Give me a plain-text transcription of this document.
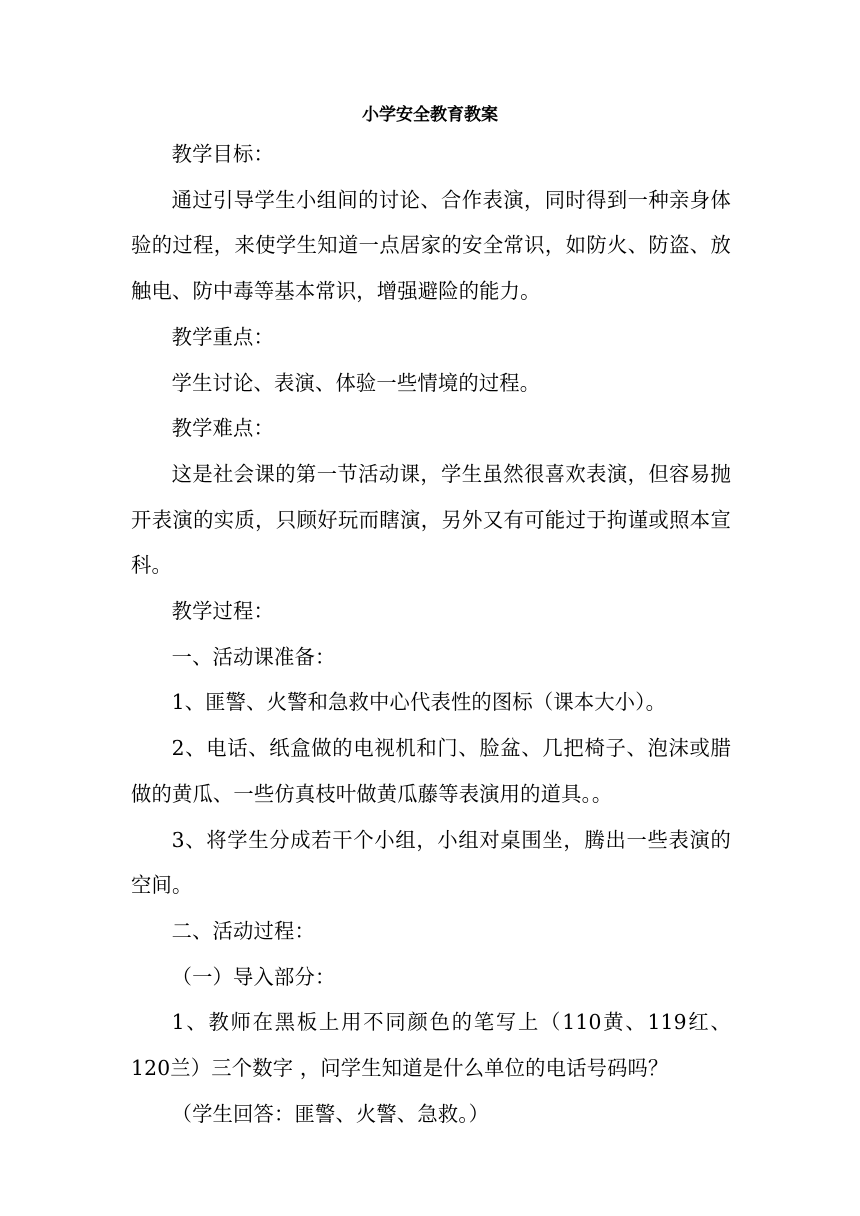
小学安全教育教案

教学目标：

通过引导学生小组间的讨论、合作表演，同时得到一种亲身体验的过程，来使学生知道一点居家的安全常识，如防火、防盗、放触电、防中毒等基本常识，增强避险的能力。

教学重点：

学生讨论、表演、体验一些情境的过程。

教学难点：

这是社会课的第一节活动课，学生虽然很喜欢表演，但容易抛开表演的实质，只顾好玩而瞎演，另外又有可能过于拘谨或照本宣科。

教学过程：

一、活动课准备：

1、匪警、火警和急救中心代表性的图标（课本大小）。

2、电话、纸盒做的电视机和门、脸盆、几把椅子、泡沫或腊做的黄瓜、一些仿真枝叶做黄瓜藤等表演用的道具。。

3、将学生分成若干个小组，小组对桌围坐，腾出一些表演的空间。

二、活动过程：

（一）导入部分：

1、教师在黑板上用不同颜色的笔写上（110黄、119红、120兰）三个数字 ，问学生知道是什么单位的电话号码吗？

（学生回答：匪警、火警、急救。）
